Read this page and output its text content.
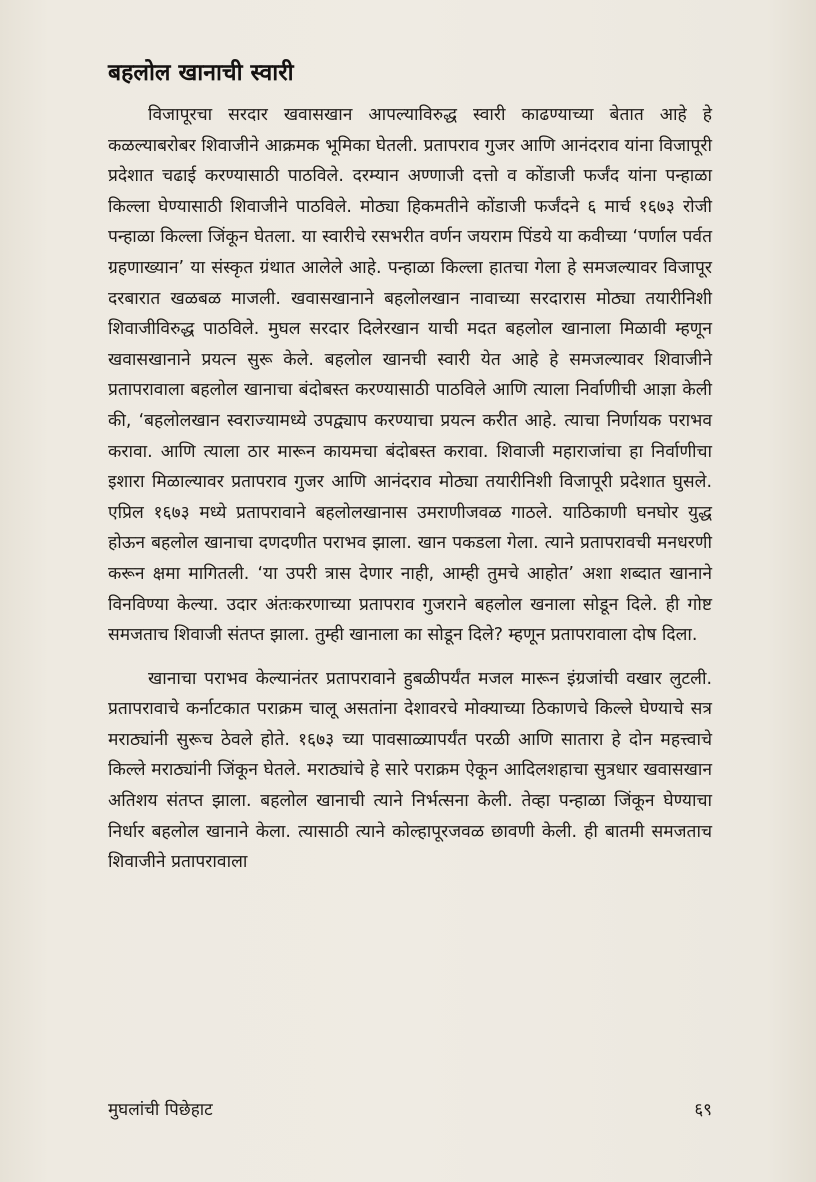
बहलोल खानाची स्वारी

विजापूरचा सरदार खवासखान आपल्याविरुद्ध स्वारी काढण्याच्या बेतात आहे हे कळल्याबरोबर शिवाजीने आक्रमक भूमिका घेतली. प्रतापराव गुजर आणि आनंदराव यांना विजापूरी प्रदेशात चढाई करण्यासाठी पाठविले. दरम्यान अण्णाजी दत्तो व कोंडाजी फर्जंद यांना पन्हाळा किल्ला घेण्यासाठी शिवाजीने पाठविले. मोठ्या हिकमतीने कोंडाजी फर्जंदने ६ मार्च १६७३ रोजी पन्हाळा किल्ला जिंकून घेतला. या स्वारीचे रसभरीत वर्णन जयराम पिंडये या कवीच्या ‘पर्णाल पर्वत ग्रहणाख्यान’ या संस्कृत ग्रंथात आलेले आहे. पन्हाळा किल्ला हातचा गेला हे समजल्यावर विजापूर दरबारात खळबळ माजली. खवासखानाने बहलोलखान नावाच्या सरदारास मोठ्या तयारीनिशी शिवाजीविरुद्ध पाठविले. मुघल सरदार दिलेरखान याची मदत बहलोल खानाला मिळावी म्हणून खवासखानाने प्रयत्न सुरू केले. बहलोल खानची स्वारी येत आहे हे समजल्यावर शिवाजीने प्रतापरावाला बहलोल खानाचा बंदोबस्त करण्यासाठी पाठविले आणि त्याला निर्वाणीची आज्ञा केली की, ‘बहलोलखान स्वराज्यामध्ये उपद्व्याप करण्याचा प्रयत्न करीत आहे. त्याचा निर्णायक पराभव करावा. आणि त्याला ठार मारून कायमचा बंदोबस्त करावा. शिवाजी महाराजांचा हा निर्वाणीचा इशारा मिळाल्यावर प्रतापराव गुजर आणि आनंदराव मोठ्या तयारीनिशी विजापूरी प्रदेशात घुसले. एप्रिल १६७३ मध्ये प्रतापरावाने बहलोलखानास उमराणीजवळ गाठले. याठिकाणी घनघोर युद्ध होऊन बहलोल खानाचा दणदणीत पराभव झाला. खान पकडला गेला. त्याने प्रतापरावची मनधरणी करून क्षमा मागितली. ‘या उपरी त्रास देणार नाही, आम्ही तुमचे आहोत’ अशा शब्दात खानाने विनविण्या केल्या. उदार अंतःकरणाच्या प्रतापराव गुजराने बहलोल खनाला सोडून दिले. ही गोष्ट समजताच शिवाजी संतप्त झाला. तुम्ही खानाला का सोडून दिले? म्हणून प्रतापरावाला दोष दिला.

खानाचा पराभव केल्यानंतर प्रतापरावाने हुबळीपर्यंत मजल मारून इंग्रजांची वखार लुटली. प्रतापरावाचे कर्नाटकात पराक्रम चालू असतांना देशावरचे मोक्याच्या ठिकाणचे किल्ले घेण्याचे सत्र मराठ्यांनी सुरूच ठेवले होते. १६७३ च्या पावसाळ्यापर्यंत परळी आणि सातारा हे दोन महत्त्वाचे किल्ले मराठ्यांनी जिंकून घेतले. मराठ्यांचे हे सारे पराक्रम ऐकून आदिलशहाचा सुत्रधार खवासखान अतिशय संतप्त झाला. बहलोल खानाची त्याने निर्भत्सना केली. तेव्हा पन्हाळा जिंकून घेण्याचा निर्धार बहलोल खानाने केला. त्यासाठी त्याने कोल्हापूरजवळ छावणी केली. ही बातमी समजताच शिवाजीने प्रतापरावाला

मुघलांची पिछेहाट	६९
